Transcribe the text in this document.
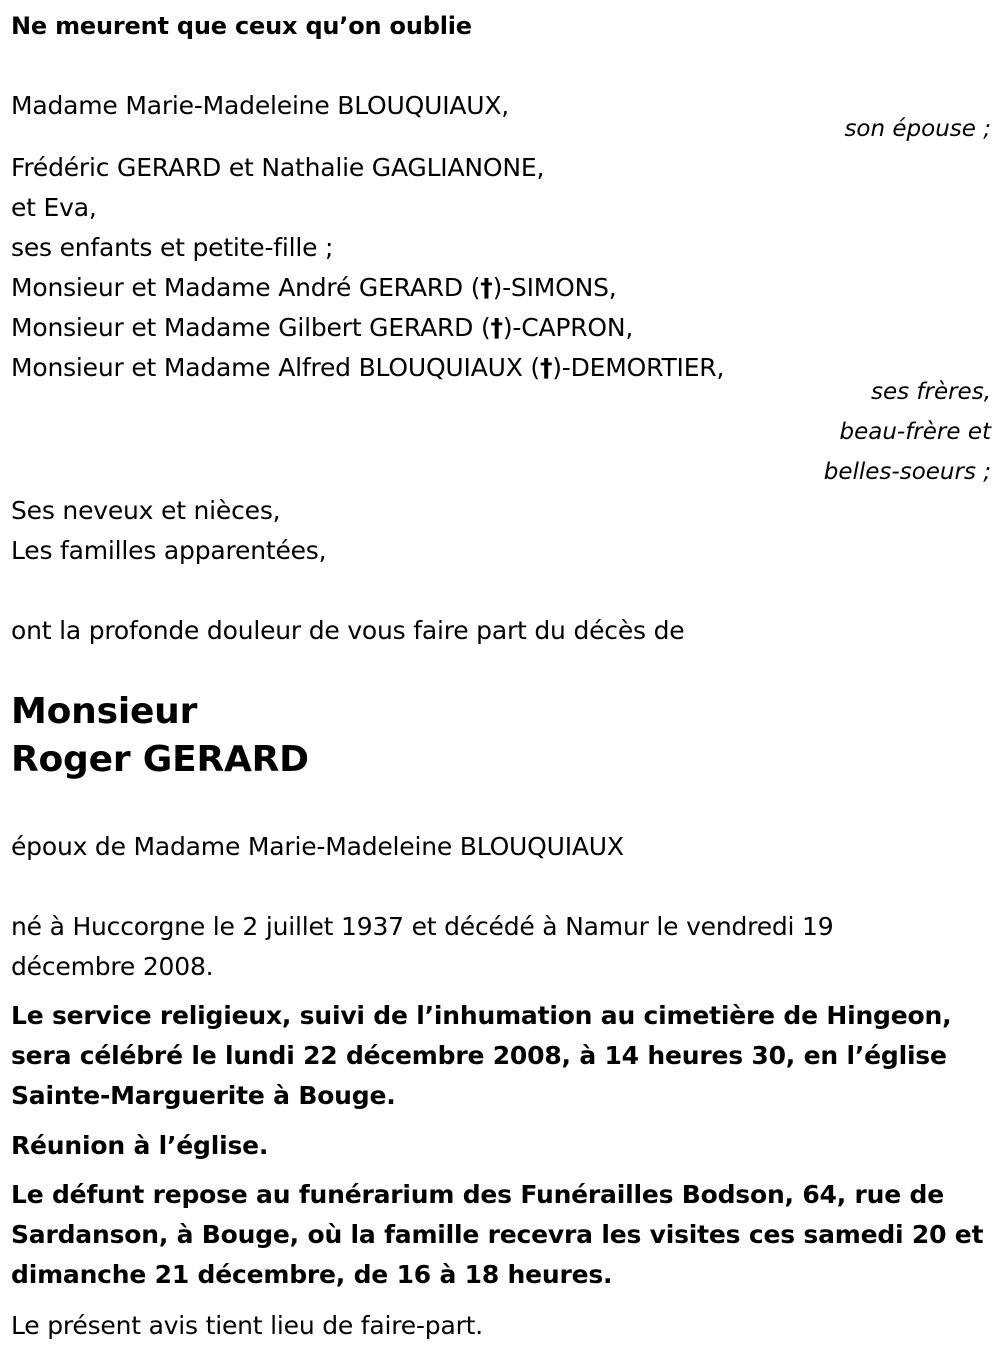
Ne meurent que ceux qu’on oublie
Madame Marie-Madeleine BLOUQUIAUX,
son épouse ;
Frédéric GERARD et Nathalie GAGLIANONE,
et Eva,
ses enfants et petite-fille ;
Monsieur et Madame André GERARD (†)-SIMONS,
Monsieur et Madame Gilbert GERARD (†)-CAPRON,
Monsieur et Madame Alfred BLOUQUIAUX (†)-DEMORTIER,
ses frères,
beau-frère et
belles-soeurs ;
Ses neveux et nièces,
Les familles apparentées,
ont la profonde douleur de vous faire part du décès de
Monsieur
Roger GERARD
époux de Madame Marie-Madeleine BLOUQUIAUX
né à Huccorgne le 2 juillet 1937 et décédé à Namur le vendredi 19
décembre 2008.
Le service religieux, suivi de l’inhumation au cimetière de Hingeon,
sera célébré le lundi 22 décembre 2008, à 14 heures 30, en l’église
Sainte-Marguerite à Bouge.
Réunion à l’église.
Le défunt repose au funérarium des Funérailles Bodson, 64, rue de
Sardanson, à Bouge, où la famille recevra les visites ces samedi 20 et
dimanche 21 décembre, de 16 à 18 heures.
Le présent avis tient lieu de faire-part.
